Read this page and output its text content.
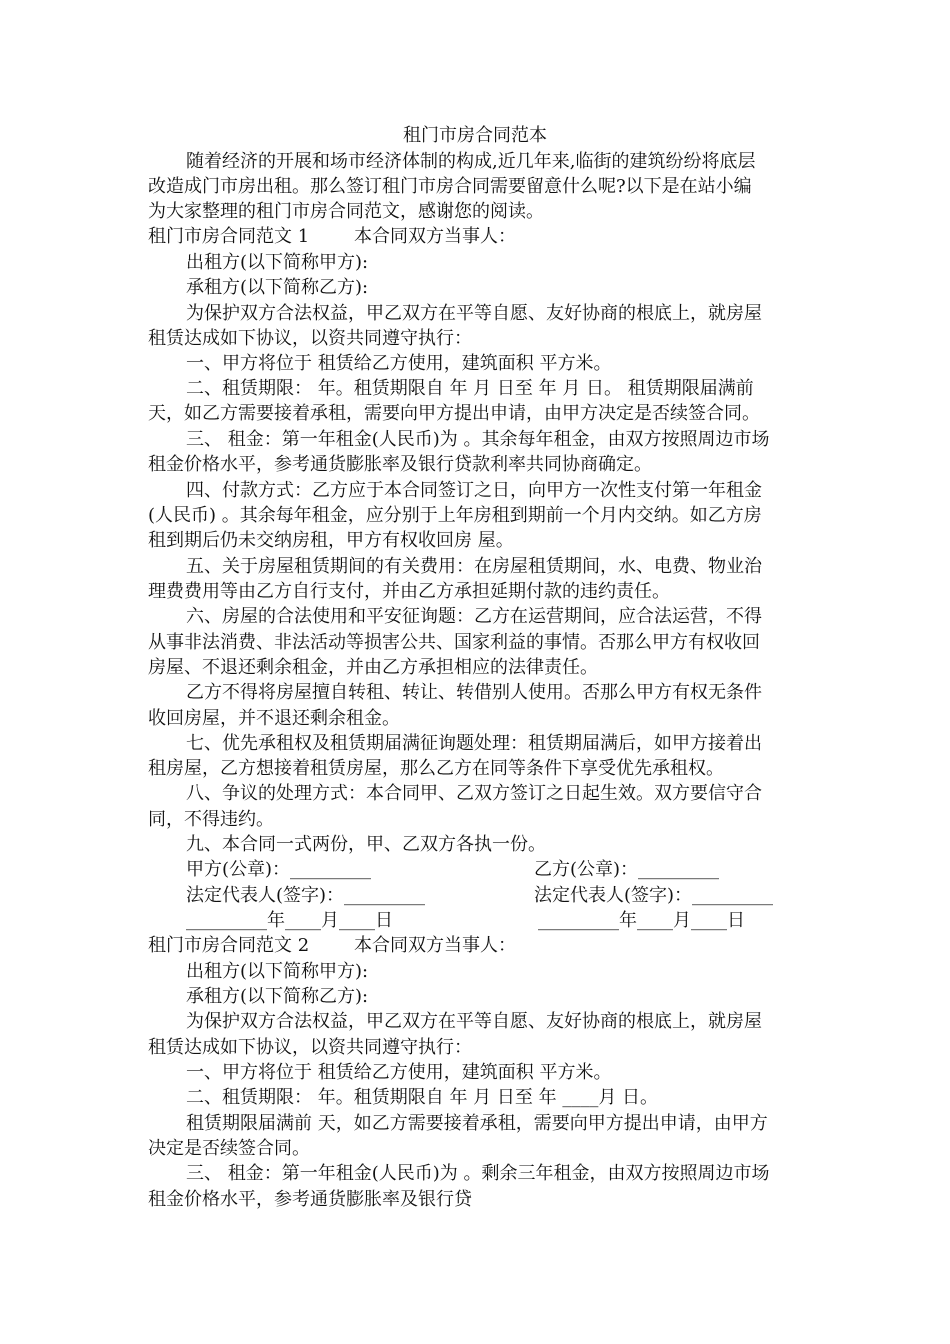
租门市房合同范本
随着经济的开展和场市经济体制的构成,近几年来,临街的建筑纷纷将底层
改造成门市房出租。那么签订租门市房合同需要留意什么呢?以下是在站小编
为大家整理的租门市房合同范文，感谢您的阅读。
租门市房合同范文 1 本合同双方当事人：
出租方(以下简称甲方):
承租方(以下简称乙方):
为保护双方合法权益，甲乙双方在平等自愿、友好协商的根底上，就房屋
租赁达成如下协议，以资共同遵守执行：
一、甲方将位于 租赁给乙方使用，建筑面积 平方米。
二、租赁期限： 年。租赁期限自 年 月 日至 年 月 日。 租赁期限届满前
天，如乙方需要接着承租，需要向甲方提出申请，由甲方决定是否续签合同。
三、 租金：第一年租金(人民币)为 。其余每年租金，由双方按照周边市场
租金价格水平，参考通货膨胀率及银行贷款利率共同协商确定。
四、付款方式：乙方应于本合同签订之日，向甲方一次性支付第一年租金
(人民币) 。其余每年租金，应分别于上年房租到期前一个月内交纳。如乙方房
租到期后仍未交纳房租，甲方有权收回房 屋。
五、关于房屋租赁期间的有关费用：在房屋租赁期间，水、电费、物业治
理费费用等由乙方自行支付，并由乙方承担延期付款的违约责任。
六、房屋的合法使用和平安征询题：乙方在运营期间，应合法运营，不得
从事非法消费、非法活动等损害公共、国家利益的事情。否那么甲方有权收回
房屋、不退还剩余租金，并由乙方承担相应的法律责任。
乙方不得将房屋擅自转租、转让、转借别人使用。否那么甲方有权无条件
收回房屋，并不退还剩余租金。
七、优先承租权及租赁期届满征询题处理：租赁期届满后，如甲方接着出
租房屋，乙方想接着租赁房屋，那么乙方在同等条件下享受优先承租权。
八、争议的处理方式：本合同甲、乙双方签订之日起生效。双方要信守合
同，不得违约。
九、本合同一式两份，甲、乙双方各执一份。
甲方(公章)：_________	乙方(公章)：_________
法定代表人(签字)：_________	法定代表人(签字)：_________
_________年____月____日	_________年____月____日
租门市房合同范文 2 本合同双方当事人：
出租方(以下简称甲方):
承租方(以下简称乙方):
为保护双方合法权益，甲乙双方在平等自愿、友好协商的根底上，就房屋
租赁达成如下协议，以资共同遵守执行：
一、甲方将位于 租赁给乙方使用，建筑面积 平方米。
二、租赁期限： 年。租赁期限自 年 月 日至 年 ____月 日。
租赁期限届满前 天，如乙方需要接着承租，需要向甲方提出申请，由甲方
决定是否续签合同。
三、 租金：第一年租金(人民币)为 。剩余三年租金，由双方按照周边市场
租金价格水平，参考通货膨胀率及银行贷
